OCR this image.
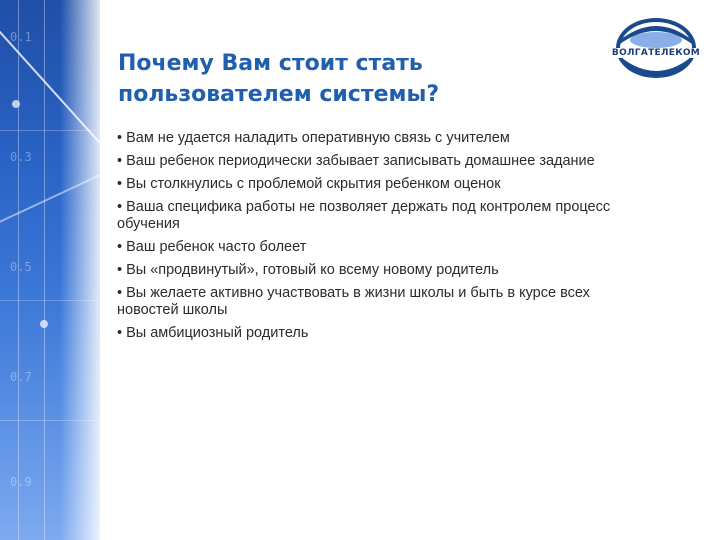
0.1
0.3
0.5
0.7
0.9
ВОЛГАТЕЛЕКОМ
Почему Вам стоит стать
пользователем системы?
• Вам не удается наладить оперативную связь с учителем
• Ваш ребенок периодически забывает записывать домашнее задание
• Вы столкнулись с проблемой скрытия ребенком оценок
• Ваша специфика работы не позволяет держать под контролем процесс обучения
• Ваш ребенок часто болеет
• Вы «продвинутый», готовый ко всему новому родитель
• Вы желаете активно участвовать в жизни школы и быть в курсе всех новостей школы
• Вы амбициозный родитель
